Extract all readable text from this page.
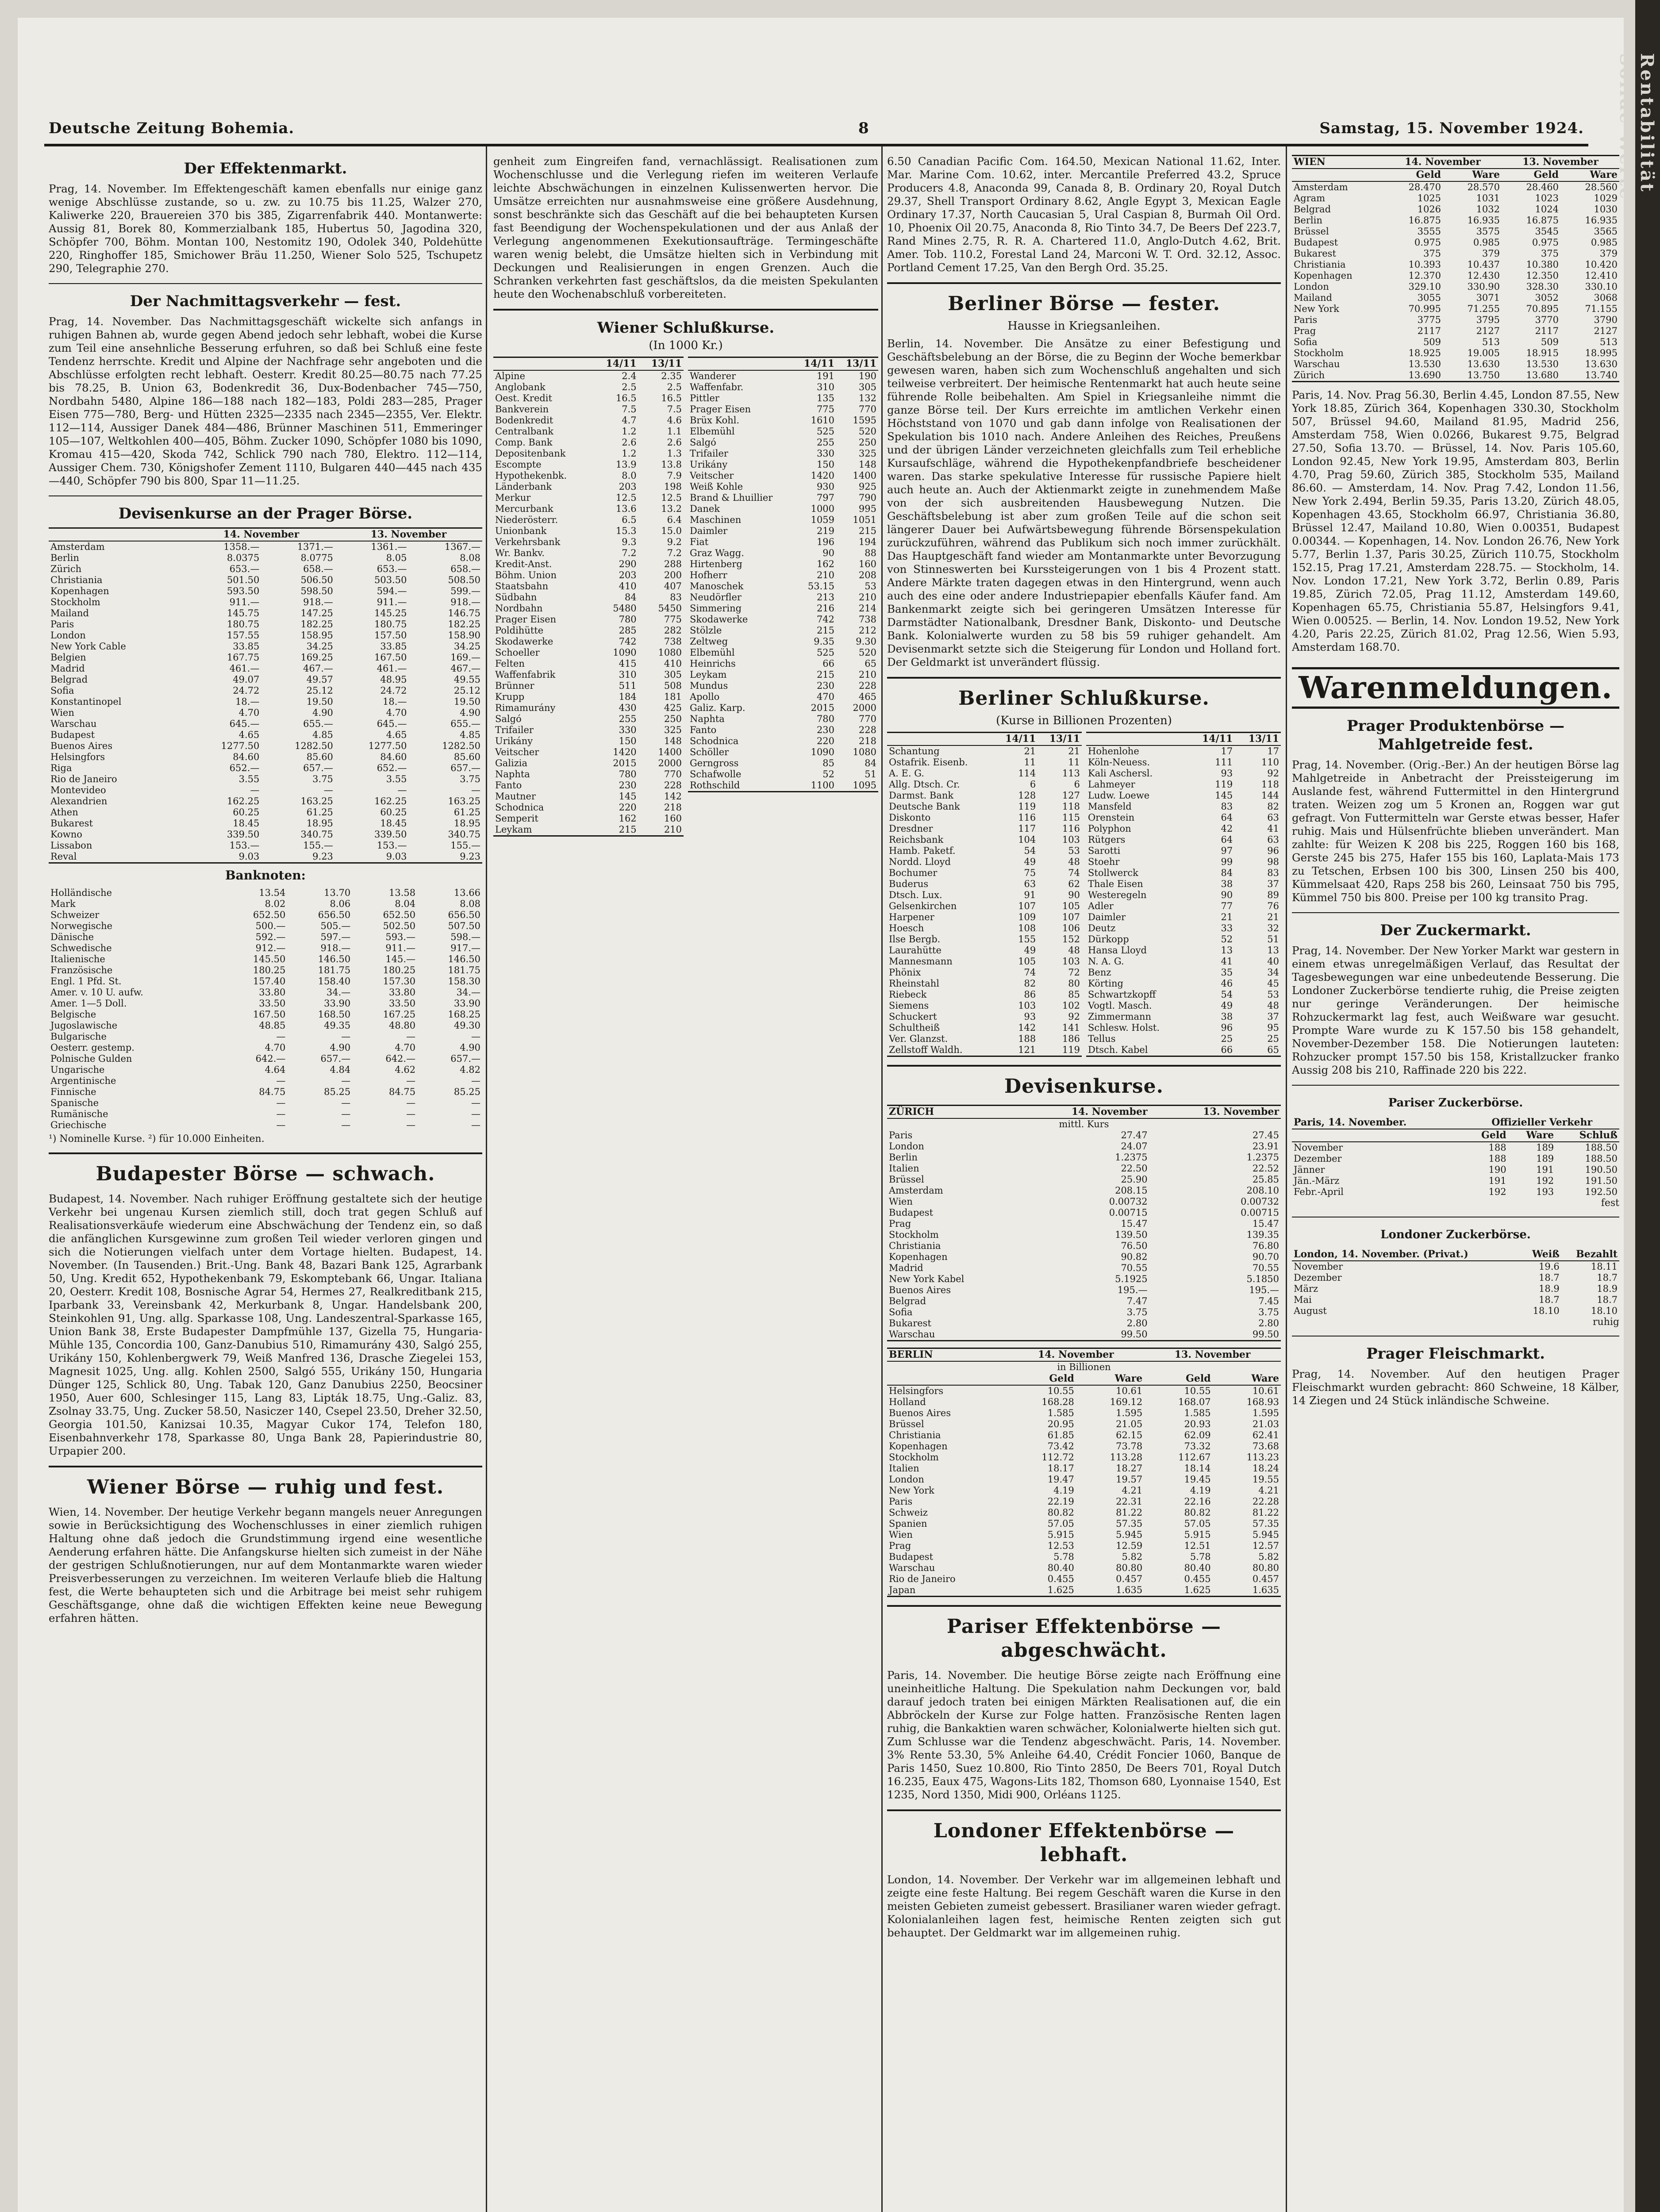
Deutsche Zeitung Bohemia.	8	Samstag, 15. November 1924.
Der Effektenmarkt.

Prag, 14. November. Im Effektengeschäft kamen ebenfalls nur einige ganz wenige Abschlüsse zustande, so u. zw. zu 10.75 bis 11.25, Walzer 270, Kaliwerke 220, Brauereien 370 bis 385, Zigarrenfabrik 440. Montanwerte: Aussig 81, Borek 80, Kommerzialbank 185, Hubertus 50, Jagodina 320, Schöpfer 700, Böhm. Montan 100, Nestomitz 190, Odolek 340, Poldehütte 220, Ringhoffer 185, Smichower Bräu 11.250, Wiener Solo 525, Tschupetz 290, Telegraphie 270.

Der Nachmittagsverkehr — fest.

Prag, 14. November. Das Nachmittagsgeschäft wickelte sich anfangs in ruhigen Bahnen ab, wurde gegen Abend jedoch sehr lebhaft, wobei die Kurse zum Teil eine ansehnliche Besserung erfuhren, so daß bei Schluß eine feste Tendenz herrschte. Kredit und Alpine der Nachfrage sehr angeboten und die Abschlüsse erfolgten recht lebhaft. Oesterr. Kredit 80.25—80.75 nach 77.25 bis 78.25, B. Union 63, Bodenkredit 36, Dux-Bodenbacher 745—750, Nordbahn 5480, Alpine 186—188 nach 182—183, Poldi 283—285, Prager Eisen 775—780, Berg- und Hütten 2325—2335 nach 2345—2355, Ver. Elektr. 112—114, Aussiger Danek 484—486, Brünner Maschinen 511, Emmeringer 105—107, Weltkohlen 400—405, Böhm. Zucker 1090, Schöpfer 1080 bis 1090, Kromau 415—420, Skoda 742, Schlick 790 nach 780, Elektro. 112—114, Aussiger Chem. 730, Königshofer Zement 1110, Bulgaren 440—445 nach 435—440, Schöpfer 790 bis 800, Spar 11—11.25.

Devisenkurse an der Prager Börse.
	14. November		13. November	
Amsterdam	1358.—	1371.—	1361.—	1367.—
Berlin	8.0375	8.0775	8.05	8.08
Zürich	653.—	658.—	653.—	658.—
Christiania	501.50	506.50	503.50	508.50
Kopenhagen	593.50	598.50	594.—	599.—
Stockholm	911.—	918.—	911.—	918.—
Mailand	145.75	147.25	145.25	146.75
Paris	180.75	182.25	180.75	182.25
London	157.55	158.95	157.50	158.90
New York Cable	33.85	34.25	33.85	34.25
Belgien	167.75	169.25	167.50	169.—
Madrid	461.—	467.—	461.—	467.—
Belgrad	49.07	49.57	48.95	49.55
Sofia	24.72	25.12	24.72	25.12
Konstantinopel	18.—	19.50	18.—	19.50
Wien	4.70	4.90	4.70	4.90
Warschau	645.—	655.—	645.—	655.—
Budapest	4.65	4.85	4.65	4.85
Buenos Aires	1277.50	1282.50	1277.50	1282.50
Helsingfors	84.60	85.60	84.60	85.60
Riga	652.—	657.—	652.—	657.—
Rio de Janeiro	3.55	3.75	3.55	3.75
Montevideo	—	—	—	—
Alexandrien	162.25	163.25	162.25	163.25
Athen	60.25	61.25	60.25	61.25
Bukarest	18.45	18.95	18.45	18.95
Kowno	339.50	340.75	339.50	340.75
Lissabon	153.—	155.—	153.—	155.—
Reval	9.03	9.23	9.03	9.23
Banknoten:
Holländische	13.54	13.70	13.58	13.66
Mark	8.02	8.06	8.04	8.08
Schweizer	652.50	656.50	652.50	656.50
Norwegische	500.—	505.—	502.50	507.50
Dänische	592.—	597.—	593.—	598.—
Schwedische	912.—	918.—	911.—	917.—
Italienische	145.50	146.50	145.—	146.50
Französische	180.25	181.75	180.25	181.75
Engl. 1 Pfd. St.	157.40	158.40	157.30	158.30
Amer. v. 10 U. aufw.	33.80	34.—	33.80	34.—
Amer. 1—5 Doll.	33.50	33.90	33.50	33.90
Belgische	167.50	168.50	167.25	168.25
Jugoslawische	48.85	49.35	48.80	49.30
Bulgarische	—	—	—	—
Oesterr. gestemp.	4.70	4.90	4.70	4.90
Polnische Gulden	642.—	657.—	642.—	657.—
Ungarische	4.64	4.84	4.62	4.82
Argentinische	—	—	—	—
Finnische	84.75	85.25	84.75	85.25
Spanische	—	—	—	—
Rumänische	—	—	—	—
Griechische	—	—	—	—
¹) Nominelle Kurse. ²) für 10.000 Einheiten.
Budapester Börse — schwach.

Budapest, 14. November. Nach ruhiger Eröffnung gestaltete sich der heutige Verkehr bei ungenau Kursen ziemlich still, doch trat gegen Schluß auf Realisationsverkäufe wiederum eine Abschwächung der Tendenz ein, so daß die anfänglichen Kursgewinne zum großen Teil wieder verloren gingen und sich die Notierungen vielfach unter dem Vortage hielten. Budapest, 14. November. (In Tausenden.) Brit.-Ung. Bank 48, Bazari Bank 125, Agrarbank 50, Ung. Kredit 652, Hypothekenbank 79, Eskomptebank 66, Ungar. Italiana 20, Oesterr. Kredit 108, Bosnische Agrar 54, Hermes 27, Realkreditbank 215, Iparbank 33, Vereinsbank 42, Merkurbank 8, Ungar. Handelsbank 200, Steinkohlen 91, Ung. allg. Sparkasse 108, Ung. Landeszentral-Sparkasse 165, Union Bank 38, Erste Budapester Dampfmühle 137, Gizella 75, Hungaria-Mühle 135, Concordia 100, Ganz-Danubius 510, Rimamurány 430, Salgó 255, Urikány 150, Kohlenbergwerk 79, Weiß Manfred 136, Drasche Ziegelei 153, Magnesit 1025, Ung. allg. Kohlen 2500, Salgó 555, Urikány 150, Hungaria Dünger 125, Schlick 80, Ung. Tabak 120, Ganz Danubius 2250, Beocsiner 1950, Auer 600, Schlesinger 115, Lang 83, Lipták 18.75, Ung.-Galiz. 83, Zsolnay 33.75, Ung. Zucker 58.50, Nasiczer 140, Csepel 23.50, Dreher 32.50, Georgia 101.50, Kanizsai 10.35, Magyar Cukor 174, Telefon 180, Eisenbahnverkehr 178, Sparkasse 80, Unga Bank 28, Papierindustrie 80, Urpapier 200.

Wiener Börse — ruhig und fest.

Wien, 14. November. Der heutige Verkehr begann mangels neuer Anregungen sowie in Berücksichtigung des Wochenschlusses in einer ziemlich ruhigen Haltung ohne daß jedoch die Grundstimmung irgend eine wesentliche Aenderung erfahren hätte. Die Anfangskurse hielten sich zumeist in der Nähe der gestrigen Schlußnotierungen, nur auf dem Montanmarkte waren wieder Preisverbesserungen zu verzeichnen. Im weiteren Verlaufe blieb die Haltung fest, die Werte behaupteten sich und die Arbitrage bei meist sehr ruhigem Geschäftsgange, ohne daß die wichtigen Effekten keine neue Bewegung erfahren hätten.

genheit zum Eingreifen fand, vernachlässigt. Realisationen zum Wochenschlusse und die Verlegung riefen im weiteren Verlaufe leichte Abschwächungen in einzelnen Kulissenwerten hervor. Die Umsätze erreichten nur ausnahmsweise eine größere Ausdehnung, sonst beschränkte sich das Geschäft auf die bei behaupteten Kursen fast Beendigung der Wochenspekulationen und der aus Anlaß der Verlegung angenommenen Exekutionsaufträge. Termingeschäfte waren wenig belebt, die Umsätze hielten sich in Verbindung mit Deckungen und Realisierungen in engen Grenzen. Auch die Schranken verkehrten fast geschäftslos, da die meisten Spekulanten heute den Wochenabschluß vorbereiteten.

Wiener Schlußkurse.
(In 1000 Kr.)
	14/11	13/11
Alpine	2.4	2.35
Anglobank	2.5	2.5
Oest. Kredit	16.5	16.5
Bankverein	7.5	7.5
Bodenkredit	4.7	4.6
Centralbank	1.2	1.1
Comp. Bank	2.6	2.6
Depositenbank	1.2	1.3
Escompte	13.9	13.8
Hypothekenbk.	8.0	7.9
Länderbank	203	198
Merkur	12.5	12.5
Mercurbank	13.6	13.2
Niederösterr.	6.5	6.4
Unionbank	15.3	15.0
Verkehrsbank	9.3	9.2
Wr. Bankv.	7.2	7.2
Kredit-Anst.	290	288
Böhm. Union	203	200
Staatsbahn	410	407
Südbahn	84	83
Nordbahn	5480	5450
Prager Eisen	780	775
Poldihütte	285	282
Skodawerke	742	738
Schoeller	1090	1080
Felten	415	410
Waffenfabrik	310	305
Brünner	511	508
Krupp	184	181
Rimamurány	430	425
Salgó	255	250
Trifailer	330	325
Urikány	150	148
Veitscher	1420	1400
Galizia	2015	2000
Naphta	780	770
Fanto	230	228
Mautner	145	142
Schodnica	220	218
Semperit	162	160
Leykam	215	210
	14/11	13/11
Wanderer	191	190
Waffenfabr.	310	305
Pittler	135	132
Prager Eisen	775	770
Brüx Kohl.	1610	1595
Elbemühl	525	520
Salgó	255	250
Trifailer	330	325
Urikány	150	148
Veitscher	1420	1400
Weiß Kohle	930	925
Brand & Lhuillier	797	790
Danek	1000	995
Maschinen	1059	1051
Daimler	219	215
Fiat	196	194
Graz Wagg.	90	88
Hirtenberg	162	160
Hofherr	210	208
Manoschek	53.15	53
Neudörfler	213	210
Simmering	216	214
Skodawerke	742	738
Stölzle	215	212
Zeltweg	9.35	9.30
Elbemühl	525	520
Heinrichs	66	65
Leykam	215	210
Mundus	230	228
Apollo	470	465
Galiz. Karp.	2015	2000
Naphta	780	770
Fanto	230	228
Schodnica	220	218
Schöller	1090	1080
Gerngross	85	84
Schafwolle	52	51
Rothschild	1100	1095

6.50 Canadian Pacific Com. 164.50, Mexican National 11.62, Inter. Mar. Marine Com. 10.62, inter. Mercantile Preferred 43.2, Spruce Producers 4.8, Anaconda 99, Canada 8, B. Ordinary 20, Royal Dutch 29.37, Shell Transport Ordinary 8.62, Angle Egypt 3, Mexican Eagle Ordinary 17.37, North Caucasian 5, Ural Caspian 8, Burmah Oil Ord. 10, Phoenix Oil 20.75, Anaconda 8, Rio Tinto 34.7, De Beers Def 223.7, Rand Mines 2.75, R. R. A. Chartered 11.0, Anglo-Dutch 4.62, Brit. Amer. Tob. 110.2, Forestal Land 24, Marconi W. T. Ord. 32.12, Assoc. Portland Cement 17.25, Van den Bergh Ord. 35.25.

Berliner Börse — fester.
Hausse in Kriegsanleihen.

Berlin, 14. November. Die Ansätze zu einer Befestigung und Geschäftsbelebung an der Börse, die zu Beginn der Woche bemerkbar gewesen waren, haben sich zum Wochenschluß angehalten und sich teilweise verbreitert. Der heimische Rentenmarkt hat auch heute seine führende Rolle beibehalten. Am Spiel in Kriegsanleihe nimmt die ganze Börse teil. Der Kurs erreichte im amtlichen Verkehr einen Höchststand von 1070 und gab dann infolge von Realisationen der Spekulation bis 1010 nach. Andere Anleihen des Reiches, Preußens und der übrigen Länder verzeichneten gleichfalls zum Teil erhebliche Kursaufschläge, während die Hypothekenpfandbriefe bescheidener waren. Das starke spekulative Interesse für russische Papiere hielt auch heute an. Auch der Aktienmarkt zeigte in zunehmendem Maße von der sich ausbreitenden Hausbewegung Nutzen. Die Geschäftsbelebung ist aber zum großen Teile auf die schon seit längerer Dauer bei Aufwärtsbewegung führende Börsenspekulation zurückzuführen, während das Publikum sich noch immer zurückhält. Das Hauptgeschäft fand wieder am Montanmarkte unter Bevorzugung von Stinneswerten bei Kurssteigerungen von 1 bis 4 Prozent statt. Andere Märkte traten dagegen etwas in den Hintergrund, wenn auch auch des eine oder andere Industriepapier ebenfalls Käufer fand. Am Bankenmarkt zeigte sich bei geringeren Umsätzen Interesse für Darmstädter Nationalbank, Dresdner Bank, Diskonto- und Deutsche Bank. Kolonialwerte wurden zu 58 bis 59 ruhiger gehandelt. Am Devisenmarkt setzte sich die Steigerung für London und Holland fort. Der Geldmarkt ist unverändert flüssig.

Berliner Schlußkurse.
(Kurse in Billionen Prozenten)
	14/11	13/11
Schantung	21	21
Ostafrik. Eisenb.	11	11
A. E. G.	114	113
Allg. Dtsch. Cr.	6	6
Darmst. Bank	128	127
Deutsche Bank	119	118
Diskonto	116	115
Dresdner	117	116
Reichsbank	104	103
Hamb. Paketf.	54	53
Nordd. Lloyd	49	48
Bochumer	75	74
Buderus	63	62
Dtsch. Lux.	91	90
Gelsenkirchen	107	105
Harpener	109	107
Hoesch	108	106
Ilse Bergb.	155	152
Laurahütte	49	48
Mannesmann	105	103
Phönix	74	72
Rheinstahl	82	80
Riebeck	86	85
Siemens	103	102
Schuckert	93	92
Schultheiß	142	141
Ver. Glanzst.	188	186
Zellstoff Waldh.	121	119
	14/11	13/11
Hohenlohe	17	17
Köln-Neuess.	111	110
Kali Aschersl.	93	92
Lahmeyer	119	118
Ludw. Loewe	145	144
Mansfeld	83	82
Orenstein	64	63
Polyphon	42	41
Rütgers	64	63
Sarotti	97	96
Stoehr	99	98
Stollwerck	84	83
Thale Eisen	38	37
Westeregeln	90	89
Adler	77	76
Daimler	21	21
Deutz	33	32
Dürkopp	52	51
Hansa Lloyd	13	13
N. A. G.	41	40
Benz	35	34
Körting	46	45
Schwartzkopff	54	53
Vogtl. Masch.	49	48
Zimmermann	38	37
Schlesw. Holst.	96	95
Tellus	25	25
Dtsch. Kabel	66	65
Devisenkurse.
ZÜRICH	14. November	13. November
mittl. Kurs		
Paris	27.47	27.45
London	24.07	23.91
Berlin	1.2375	1.2375
Italien	22.50	22.52
Brüssel	25.90	25.85
Amsterdam	208.15	208.10
Wien	0.00732	0.00732
Budapest	0.00715	0.00715
Prag	15.47	15.47
Stockholm	139.50	139.35
Christiania	76.50	76.80
Kopenhagen	90.82	90.70
Madrid	70.55	70.55
New York Kabel	5.1925	5.1850
Buenos Aires	195.—	195.—
Belgrad	7.47	7.45
Sofia	3.75	3.75
Bukarest	2.80	2.80
Warschau	99.50	99.50
BERLIN	14. November		13. November	
in Billionen				
	Geld	Ware	Geld	Ware
Helsingfors	10.55	10.61	10.55	10.61
Holland	168.28	169.12	168.07	168.93
Buenos Aires	1.585	1.595	1.585	1.595
Brüssel	20.95	21.05	20.93	21.03
Christiania	61.85	62.15	62.09	62.41
Kopenhagen	73.42	73.78	73.32	73.68
Stockholm	112.72	113.28	112.67	113.23
Italien	18.17	18.27	18.14	18.24
London	19.47	19.57	19.45	19.55
New York	4.19	4.21	4.19	4.21
Paris	22.19	22.31	22.16	22.28
Schweiz	80.82	81.22	80.82	81.22
Spanien	57.05	57.35	57.05	57.35
Wien	5.915	5.945	5.915	5.945
Prag	12.53	12.59	12.51	12.57
Budapest	5.78	5.82	5.78	5.82
Warschau	80.40	80.80	80.40	80.80
Rio de Janeiro	0.455	0.457	0.455	0.457
Japan	1.625	1.635	1.625	1.635
Pariser Effektenbörse — abgeschwächt.

Paris, 14. November. Die heutige Börse zeigte nach Eröffnung eine uneinheitliche Haltung. Die Spekulation nahm Deckungen vor, bald darauf jedoch traten bei einigen Märkten Realisationen auf, die ein Abbröckeln der Kurse zur Folge hatten. Französische Renten lagen ruhig, die Bankaktien waren schwächer, Kolonialwerte hielten sich gut. Zum Schlusse war die Tendenz abgeschwächt. Paris, 14. November. 3% Rente 53.30, 5% Anleihe 64.40, Crédit Foncier 1060, Banque de Paris 1450, Suez 10.800, Rio Tinto 2850, De Beers 701, Royal Dutch 16.235, Eaux 475, Wagons-Lits 182, Thomson 680, Lyonnaise 1540, Est 1235, Nord 1350, Midi 900, Orléans 1125.

Londoner Effektenbörse — lebhaft.

London, 14. November. Der Verkehr war im allgemeinen lebhaft und zeigte eine feste Haltung. Bei regem Geschäft waren die Kurse in den meisten Gebieten zumeist gebessert. Brasilianer waren wieder gefragt. Kolonialanleihen lagen fest, heimische Renten zeigten sich gut behauptet. Der Geldmarkt war im allgemeinen ruhig.

WIEN	14. November		13. November	
	Geld	Ware	Geld	Ware
Amsterdam	28.470	28.570	28.460	28.560
Agram	1025	1031	1023	1029
Belgrad	1026	1032	1024	1030
Berlin	16.875	16.935	16.875	16.935
Brüssel	3555	3575	3545	3565
Budapest	0.975	0.985	0.975	0.985
Bukarest	375	379	375	379
Christiania	10.393	10.437	10.380	10.420
Kopenhagen	12.370	12.430	12.350	12.410
London	329.10	330.90	328.30	330.10
Mailand	3055	3071	3052	3068
New York	70.995	71.255	70.895	71.155
Paris	3775	3795	3770	3790
Prag	2117	2127	2117	2127
Sofia	509	513	509	513
Stockholm	18.925	19.005	18.915	18.995
Warschau	13.530	13.630	13.530	13.630
Zürich	13.690	13.750	13.680	13.740

Paris, 14. Nov. Prag 56.30, Berlin 4.45, London 87.55, New York 18.85, Zürich 364, Kopenhagen 330.30, Stockholm 507, Brüssel 94.60, Mailand 81.95, Madrid 256, Amsterdam 758, Wien 0.0266, Bukarest 9.75, Belgrad 27.50, Sofia 13.70. — Brüssel, 14. Nov. Paris 105.60, London 92.45, New York 19.95, Amsterdam 803, Berlin 4.70, Prag 59.60, Zürich 385, Stockholm 535, Mailand 86.60. — Amsterdam, 14. Nov. Prag 7.42, London 11.56, New York 2.494, Berlin 59.35, Paris 13.20, Zürich 48.05, Kopenhagen 43.65, Stockholm 66.97, Christiania 36.80, Brüssel 12.47, Mailand 10.80, Wien 0.00351, Budapest 0.00344. — Kopenhagen, 14. Nov. London 26.76, New York 5.77, Berlin 1.37, Paris 30.25, Zürich 110.75, Stockholm 152.15, Prag 17.21, Amsterdam 228.75. — Stockholm, 14. Nov. London 17.21, New York 3.72, Berlin 0.89, Paris 19.85, Zürich 72.05, Prag 11.12, Amsterdam 149.60, Kopenhagen 65.75, Christiania 55.87, Helsingfors 9.41, Wien 0.00525. — Berlin, 14. Nov. London 19.52, New York 4.20, Paris 22.25, Zürich 81.02, Prag 12.56, Wien 5.93, Amsterdam 168.70.

Warenmeldungen.
Prager Produktenbörse — Mahlgetreide fest.

Prag, 14. November. (Orig.-Ber.) An der heutigen Börse lag Mahlgetreide in Anbetracht der Preissteigerung im Auslande fest, während Futtermittel in den Hintergrund traten. Weizen zog um 5 Kronen an, Roggen war gut gefragt. Von Futtermitteln war Gerste etwas besser, Hafer ruhig. Mais und Hülsenfrüchte blieben unverändert. Man zahlte: für Weizen K 208 bis 225, Roggen 160 bis 168, Gerste 245 bis 275, Hafer 155 bis 160, Laplata-Mais 173 zu Tetschen, Erbsen 100 bis 300, Linsen 250 bis 400, Kümmelsaat 420, Raps 258 bis 260, Leinsaat 750 bis 795, Kümmel 750 bis 800. Preise per 100 kg transito Prag.

Der Zuckermarkt.

Prag, 14. November. Der New Yorker Markt war gestern in einem etwas unregelmäßigen Verlauf, das Resultat der Tagesbewegungen war eine unbedeutende Besserung. Die Londoner Zuckerbörse tendierte ruhig, die Preise zeigten nur geringe Veränderungen. Der heimische Rohzuckermarkt lag fest, auch Weißware war gesucht. Prompte Ware wurde zu K 157.50 bis 158 gehandelt, November-Dezember 158. Die Notierungen lauteten: Rohzucker prompt 157.50 bis 158, Kristallzucker franko Aussig 208 bis 210, Raffinade 220 bis 222.

Pariser Zuckerbörse.
Paris, 14. November.	Offizieller Verkehr		
	Geld	Ware	Schluß
November	188	189	188.50
Dezember	188	189	188.50
Jänner	190	191	190.50
Jän.-März	191	192	191.50
Febr.-April	192	193	192.50
fest
Londoner Zuckerbörse.
London, 14. November. (Privat.)	Weiß	Bezahlt
November	19.6	18.11
Dezember	18.7	18.7
März	18.9	18.9
Mai	18.7	18.7
August	18.10	18.10
ruhig
Prager Fleischmarkt.

Prag, 14. November. Auf den heutigen Prager Fleischmarkt wurden gebracht: 860 Schweine, 18 Kälber, 14 Ziegen und 24 Stück inländische Schweine.

Rentabilität
Solide Werte
